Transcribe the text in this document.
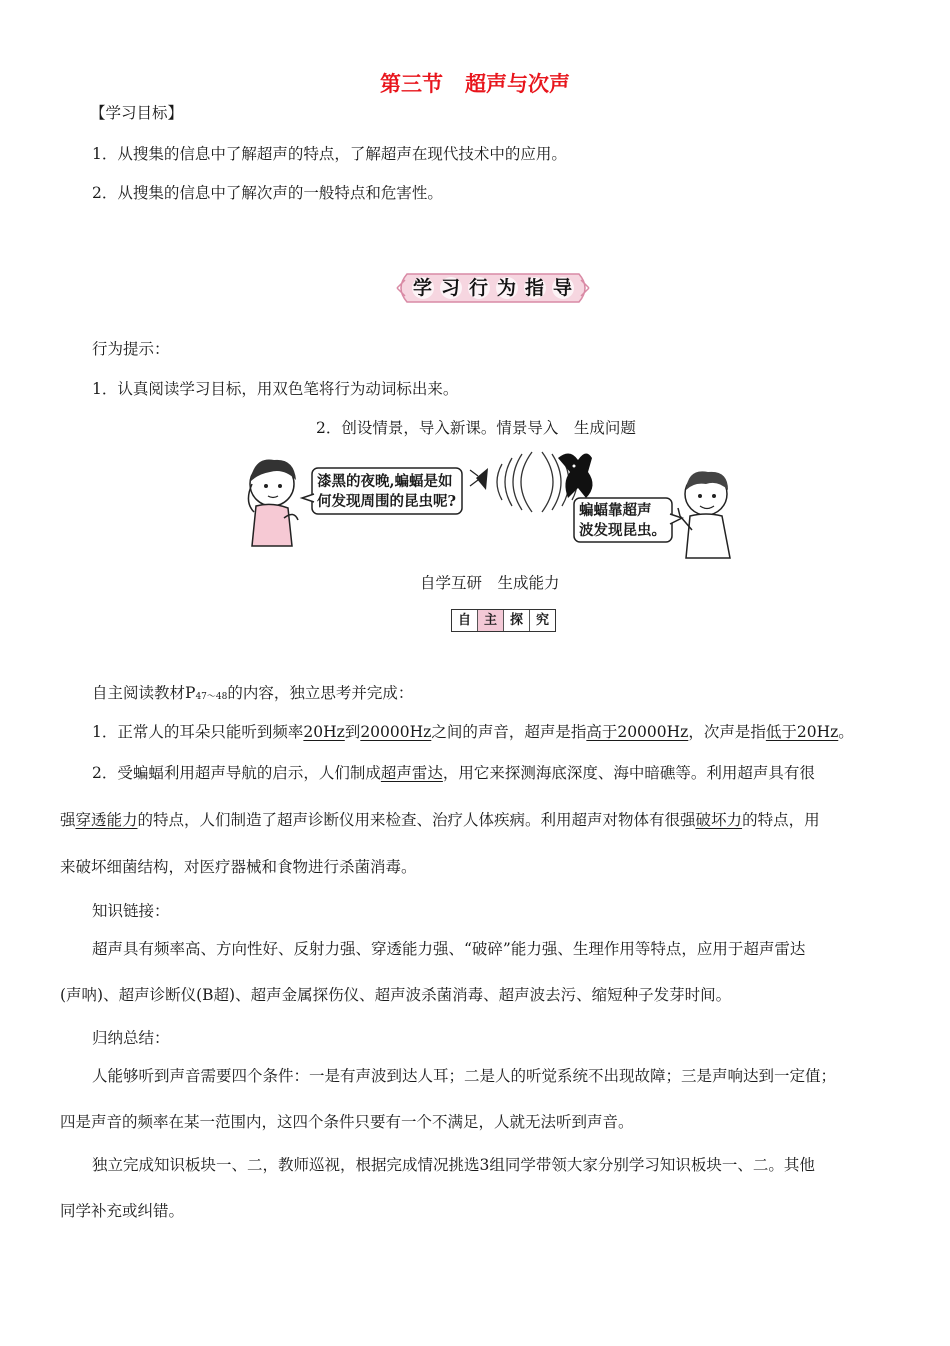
第三节 超声与次声
【学习目标】
1．从搜集的信息中了解超声的特点，了解超声在现代技术中的应用。
2．从搜集的信息中了解次声的一般特点和危害性。
学习行为指导
行为提示：
1．认真阅读学习目标，用双色笔将行为动词标出来。
2．创设情景，导入新课。情景导入　生成问题
漆黑的夜晚,蝙蝠是如
何发现周围的昆虫呢?
蝙蝠靠超声
波发现昆虫。
自学互研　生成能力
自 主 探 究
自主阅读教材$P_{47\sim 48}$的内容，独立思考并完成：
1．正常人的耳朵只能听到频率20Hz到20000Hz之间的声音，超声是指高于20000Hz，次声是指低于20Hz。
2．受蝙蝠利用超声导航的启示，人们制成超声雷达，用它来探测海底深度、海中暗礁等。利用超声具有很
强穿透能力的特点，人们制造了超声诊断仪用来检查、治疗人体疾病。利用超声对物体有很强破坏力的特点，用
来破坏细菌结构，对医疗器械和食物进行杀菌消毒。
知识链接：
超声具有频率高、方向性好、反射力强、穿透能力强、“破碎”能力强、生理作用等特点，应用于超声雷达
(声呐)、超声诊断仪(B超)、超声金属探伤仪、超声波杀菌消毒、超声波去污、缩短种子发芽时间。
归纳总结：
人能够听到声音需要四个条件：一是有声波到达人耳；二是人的听觉系统不出现故障；三是声响达到一定值；
四是声音的频率在某一范围内，这四个条件只要有一个不满足，人就无法听到声音。
独立完成知识板块一、二，教师巡视，根据完成情况挑选3组同学带领大家分别学习知识板块一、二。其他
同学补充或纠错。
